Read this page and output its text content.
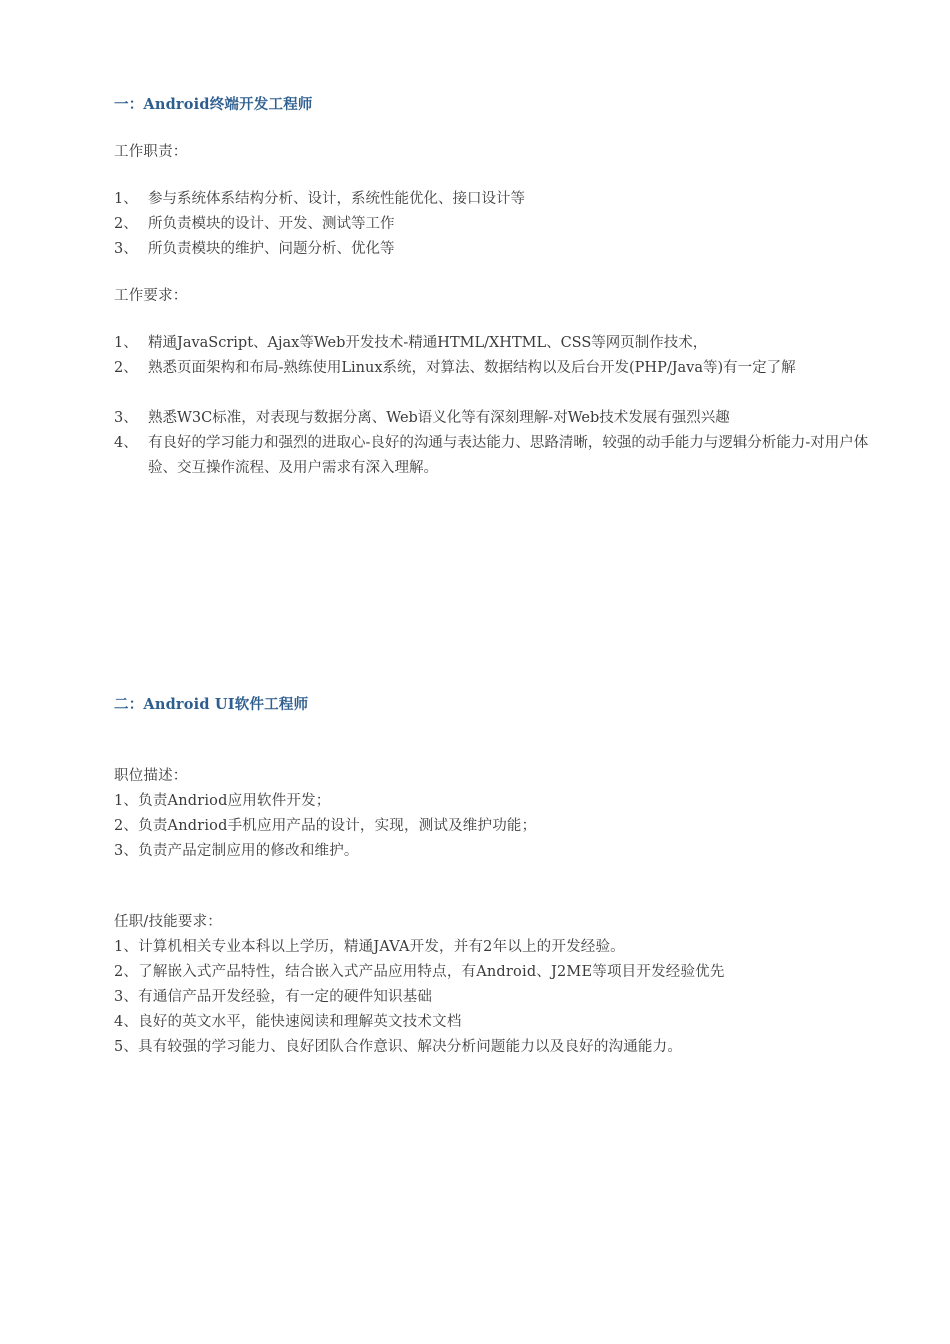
一：Android终端开发工程师
工作职责：
1、 参与系统体系结构分析、设计，系统性能优化、接口设计等
2、 所负责模块的设计、开发、测试等工作
3、 所负责模块的维护、问题分析、优化等
工作要求：
1、 精通JavaScript、Ajax等Web开发技术-精通HTML/XHTML、CSS等网页制作技术，
2、 熟悉页面架构和布局-熟练使用Linux系统，对算法、数据结构以及后台开发(PHP/Java等)有一定了解
3、 熟悉W3C标准，对表现与数据分离、Web语义化等有深刻理解-对Web技术发展有强烈兴趣
4、 有良好的学习能力和强烈的进取心-良好的沟通与表达能力、思路清晰，较强的动手能力与逻辑分析能力-对用户体验、交互操作流程、及用户需求有深入理解。
二：Android UI软件工程师
职位描述：
1、负责Andriod应用软件开发；
2、负责Andriod手机应用产品的设计，实现，测试及维护功能；
3、负责产品定制应用的修改和维护。
任职/技能要求：
1、计算机相关专业本科以上学历，精通JAVA开发，并有2年以上的开发经验。
2、了解嵌入式产品特性，结合嵌入式产品应用特点，有Android、J2ME等项目开发经验优先
3、有通信产品开发经验，有一定的硬件知识基础
4、良好的英文水平，能快速阅读和理解英文技术文档
5、具有较强的学习能力、良好团队合作意识、解决分析问题能力以及良好的沟通能力。
